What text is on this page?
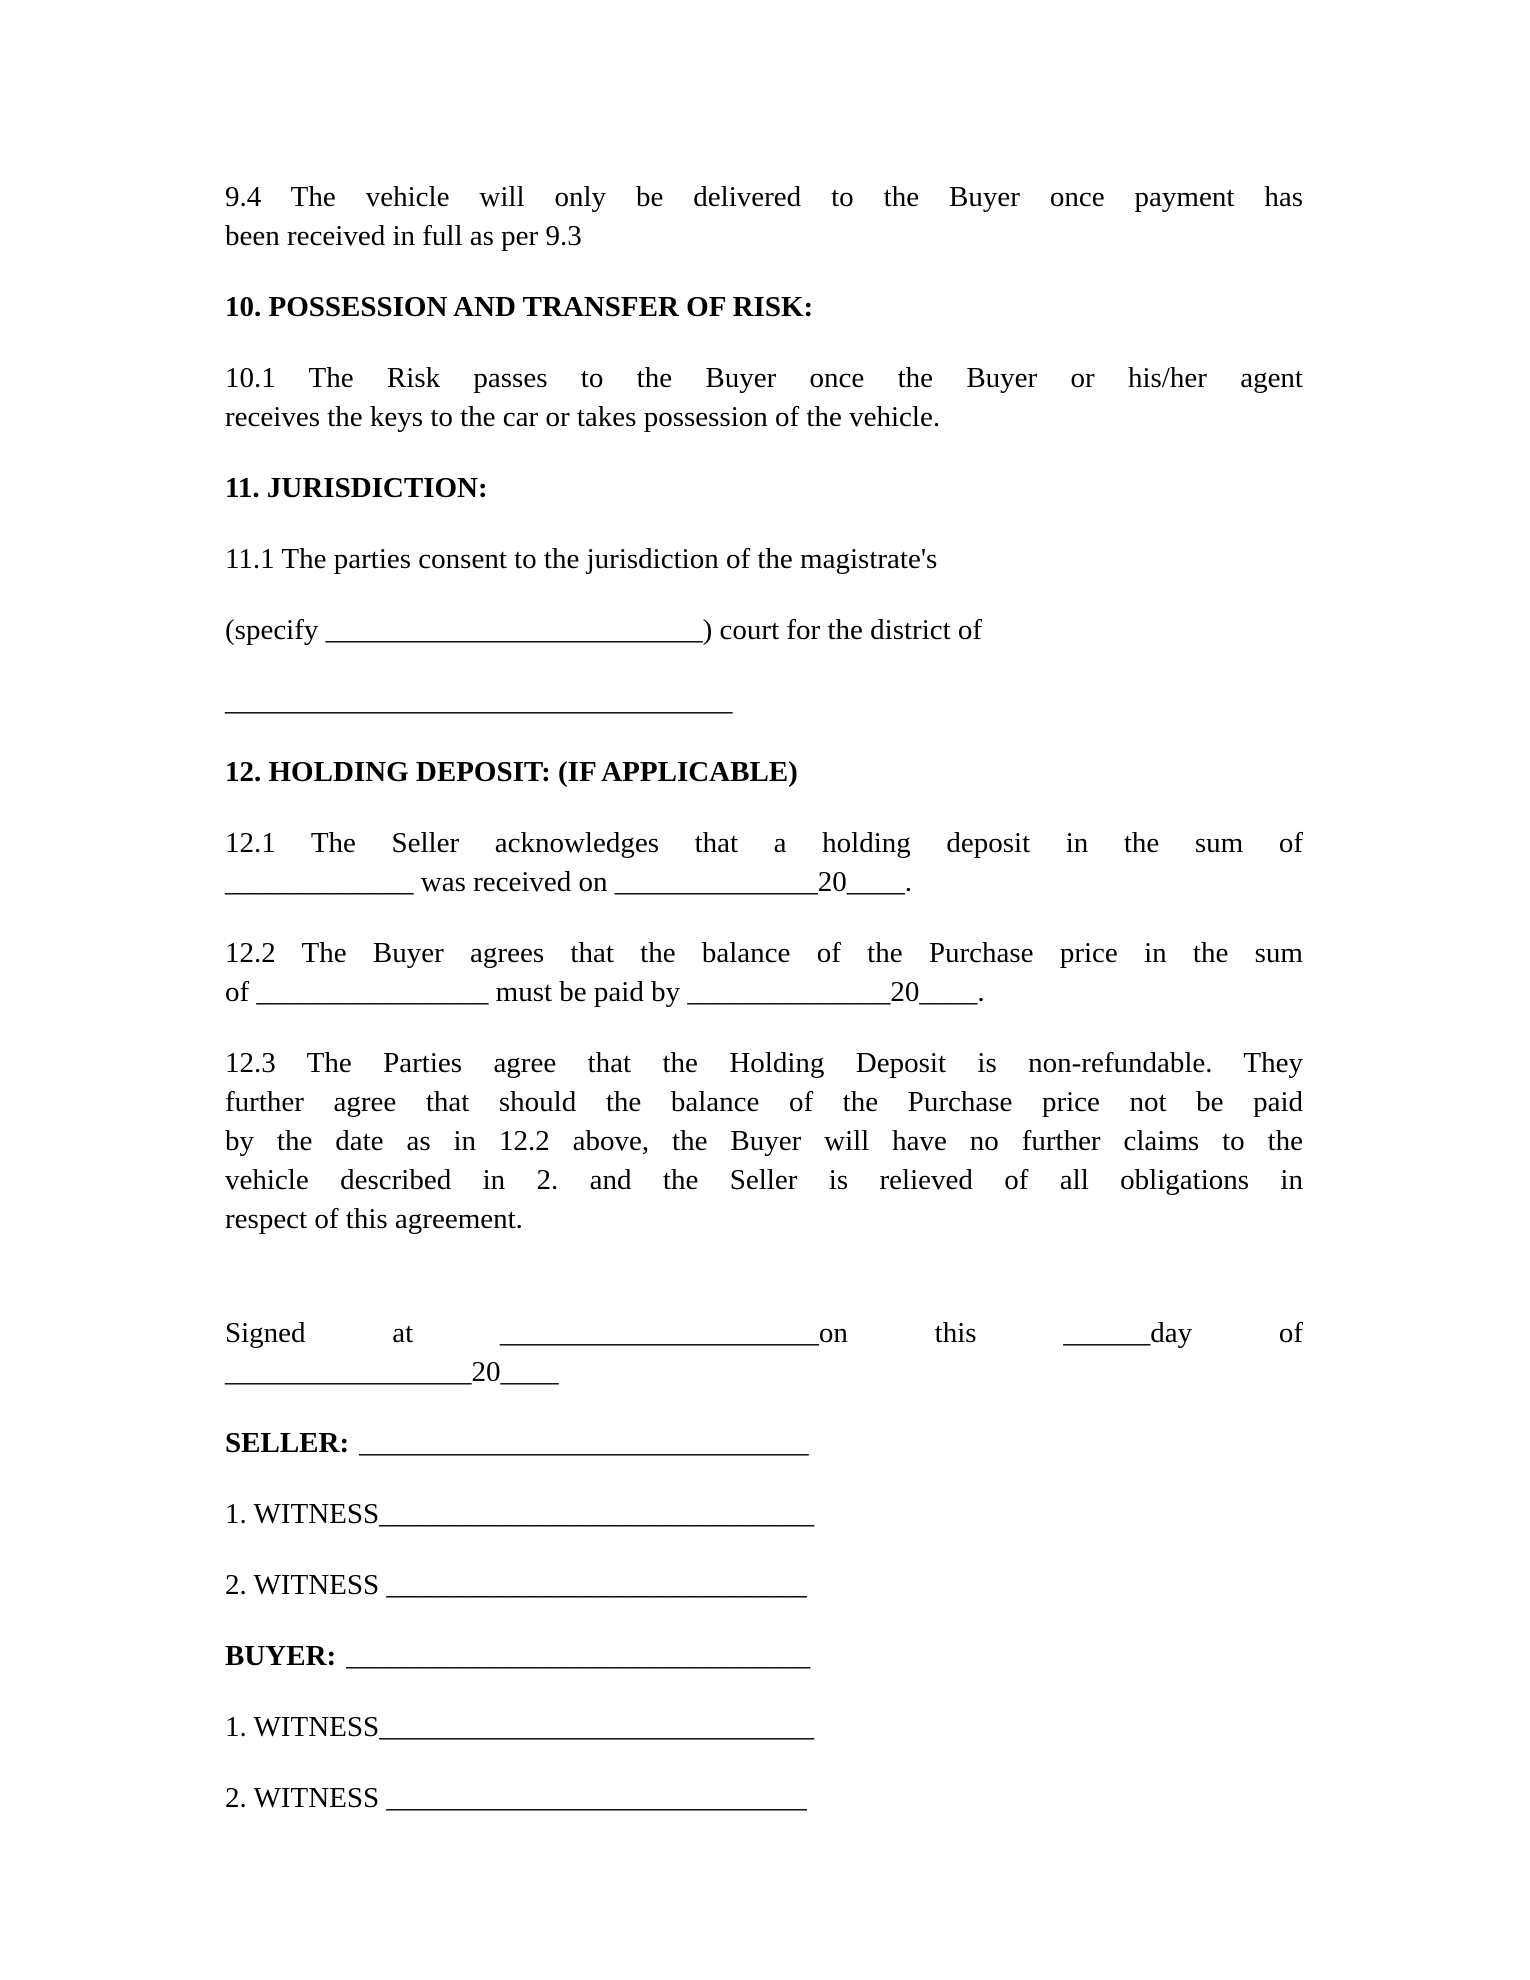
9.4 The vehicle will only be delivered to the Buyer once payment has
been received in full as per 9.3
10. POSSESSION AND TRANSFER OF RISK:
10.1 The Risk passes to the Buyer once the Buyer or his/her agent
receives the keys to the car or takes possession of the vehicle.
11. JURISDICTION:
11.1 The parties consent to the jurisdiction of the magistrate's
(specify __________________________) court for the district of
___________________________________
12. HOLDING DEPOSIT: (IF APPLICABLE)
12.1 The Seller acknowledges that a holding deposit in the sum of
_____________ was received on ______________20____.
12.2 The Buyer agrees that the balance of the Purchase price in the sum
of ________________ must be paid by ______________20____.
12.3 The Parties agree that the Holding Deposit is non-refundable. They
further agree that should the balance of the Purchase price not be paid
by the date as in 12.2 above, the Buyer will have no further claims to the
vehicle described in 2. and the Seller is relieved of all obligations in
respect of this agreement.
Signed at ______________________on this ______day of
_________________20____
SELLER: _______________________________
1. WITNESS______________________________
2. WITNESS _____________________________
BUYER: ________________________________
1. WITNESS______________________________
2. WITNESS _____________________________
